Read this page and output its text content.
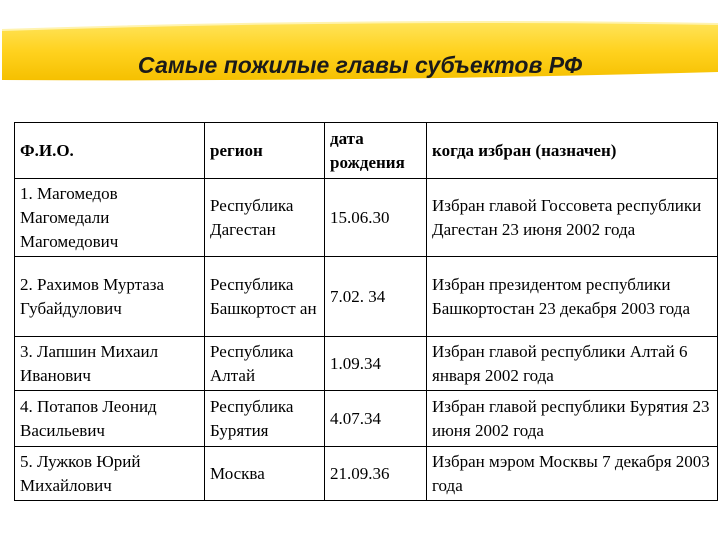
Самые пожилые главы субъектов РФ
Ф.И.О.	регион	дата рождения	когда избран (назначен)
1. Магомедов Магомедали Магомедович	Республика Дагестан	15.06.30	Избран главой Госсовета республики Дагестан 23 июня 2002 года
2. Рахимов Муртаза Губайдулович	Республика Башкортост ан	7.02. 34	Избран президентом республики Башкортостан 23 декабря 2003 года
3. Лапшин Михаил Иванович	Республика Алтай	1.09.34	Избран главой республики Алтай 6 января 2002 года
4. Потапов Леонид Васильевич	Республика Бурятия	4.07.34	Избран главой республики Бурятия 23 июня 2002 года
5. Лужков Юрий Михайлович	Москва	21.09.36	Избран мэром Москвы 7 декабря 2003 года
